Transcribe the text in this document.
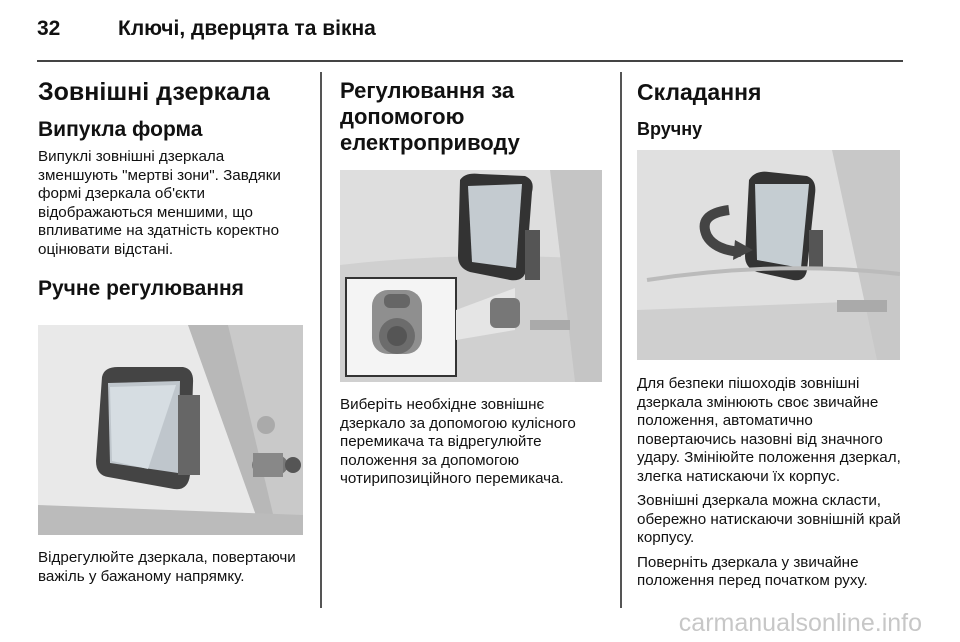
32	Ключі, дверцята та вікна
Зовнішні дзеркала
Випукла форма

Випуклі зовнішні дзеркала зменшують "мертві зони". Завдяки формі дзеркала об'єкти відображаються меншими, що впливатиме на здатність коректно оцінювати відстані.

Ручне регулювання

Відрегулюйте дзеркала, повертаючи важіль у бажаному напрямку.

Регулювання за допомогою електроприводу

Виберіть необхідне зовнішнє дзеркало за допомогою кулісного перемикача та відрегулюйте положення за допомогою чотирипозиційного перемикача.

Складання
Вручну

Для безпеки пішоходів зовнішні дзеркала змінюють своє звичайне положення, автоматично повертаючись назовні від значного удару. Змініюйте положення дзеркал, злегка натискаючи їх корпус.

Зовнішні дзеркала можна скласти, обережно натискаючи зовнішній край корпусу.

Поверніть дзеркала у звичайне положення перед початком руху.

carmanualsonline.info
